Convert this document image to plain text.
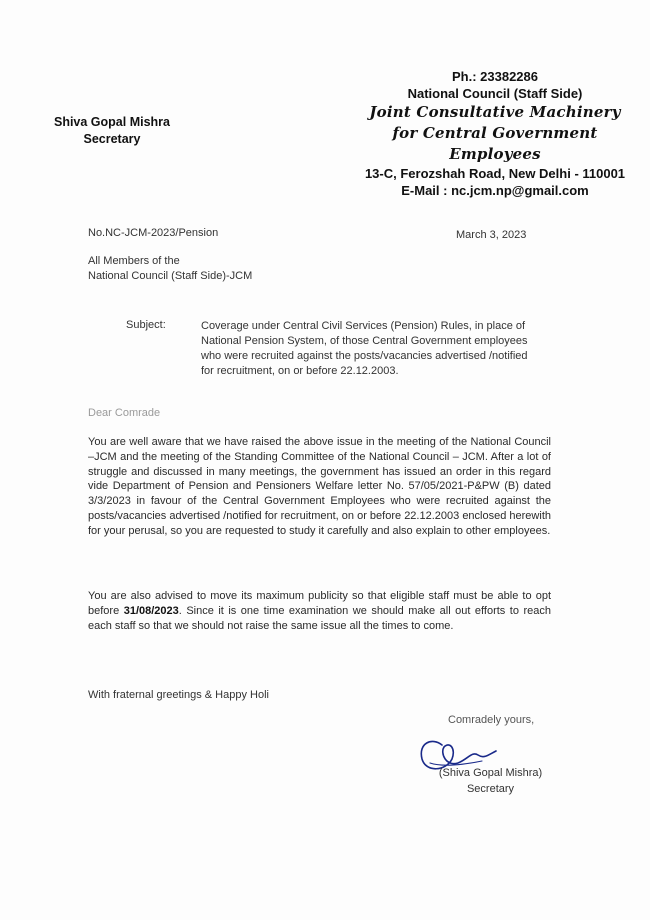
Shiva Gopal Mishra
Secretary
Ph.: 23382286
National Council (Staff Side)
Joint Consultative Machinery
for Central Government Employees
13-C, Ferozshah Road, New Delhi - 110001
E-Mail : nc.jcm.np@gmail.com
No.NC-JCM-2023/Pension	March 3, 2023
All Members of the
National Council (Staff Side)-JCM
Subject:	Coverage under Central Civil Services (Pension) Rules, in place of National Pension System, of those Central Government employees who were recruited against the posts/vacancies advertised /notified for recruitment, on or before 22.12.2003.
Dear Comrade
You are well aware that we have raised the above issue in the meeting of the National Council –JCM and the meeting of the Standing Committee of the National Council – JCM. After a lot of struggle and discussed in many meetings, the government has issued an order in this regard vide Department of Pension and Pensioners Welfare letter No. 57/05/2021-P&PW (B) dated 3/3/2023 in favour of the Central Government Employees who were recruited against the posts/vacancies advertised /notified for recruitment, on or before 22.12.2003 enclosed herewith for your perusal, so you are requested to study it carefully and also explain to other employees.
You are also advised to move its maximum publicity so that eligible staff must be able to opt before 31/08/2023. Since it is one time examination we should make all out efforts to reach each staff so that we should not raise the same issue all the times to come.
With fraternal greetings & Happy Holi
Comradely yours,
(Shiva Gopal Mishra)
Secretary
